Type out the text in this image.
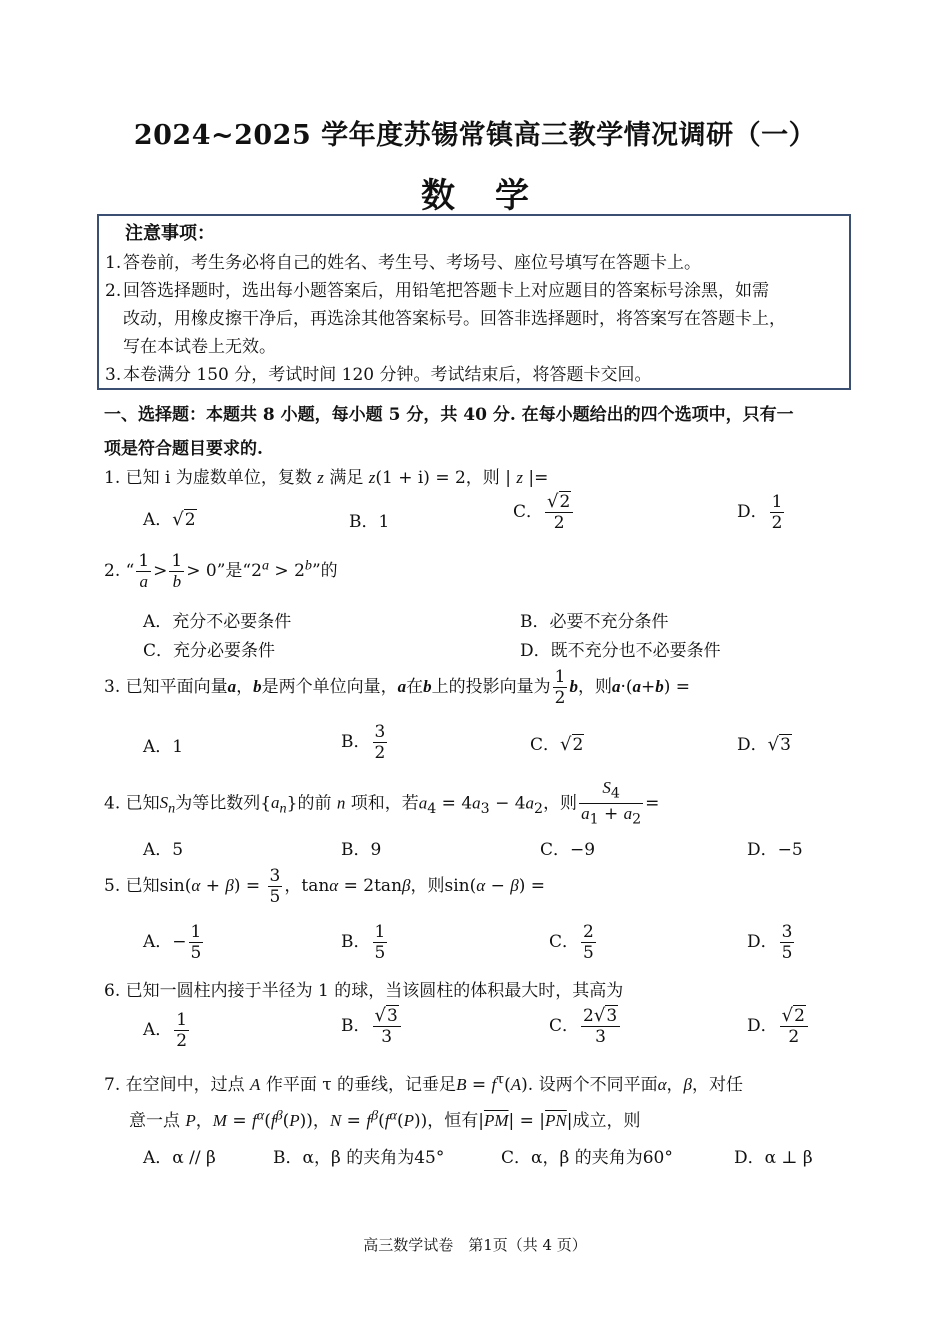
2024~2025 学年度苏锡常镇高三教学情况调研（一）
数学
注意事项：
1. 答卷前，考生务必将自己的姓名、考生号、考场号、座位号填写在答题卡上。
2. 回答选择题时，选出每小题答案后，用铅笔把答题卡上对应题目的答案标号涂黑，如需
改动，用橡皮擦干净后，再选涂其他答案标号。回答非选择题时，将答案写在答题卡上，
写在本试卷上无效。
3. 本卷满分 150 分，考试时间 120 分钟。考试结束后，将答题卡交回。
一、选择题：本题共 8 小题，每小题 5 分，共 40 分. 在每小题给出的四个选项中，只有一
项是符合题目要求的.
1. 已知 i 为虚数单位，复数 z 满足 z(1 + i) = 2，则 | z |=
A．√2	B．1	C． $\frac{√2}{2}$	D． $\frac{1}{2}$
2. “ $\frac{1}{a} > \frac{1}{b} > 0$”是“$2^a > 2^b$”的
A．充分不必要条件	B．必要不充分条件
C．充分必要条件	D．既不充分也不必要条件
3. 已知平面向量a，b是两个单位向量，a在b上的投影向量为 $\frac{1}{2}$ b，则a·(a+b) =
A．1	B． $\frac{3}{2}$	C．√2	D．√3
4. 已知$S_n$为等比数列$\{a_n\}$的前 n 项和，若$a_4 = 4a_3 - 4a_2$，则 $\frac{S_4}{a_1 + a_2}$ =
A．5	B．9	C．−9	D．−5
5. 已知$\sin(\alpha + \beta) = \frac{3}{5}$ ，tanα = 2tanβ，则sin(α − β) =
A．− $\frac{1}{5}$	B． $\frac{1}{5}$	C． $\frac{2}{5}$	D． $\frac{3}{5}$
6. 已知一圆柱内接于半径为 1 的球，当该圆柱的体积最大时，其高为
A． $\frac{1}{2}$	B． $\frac{√3}{3}$	C． $\frac{2√3}{3}$	D． $\frac{√2}{2}$
7. 在空间中，过点 A 作平面 τ 的垂线，记垂足$B = f^\tau(A)$. 设两个不同平面α，β，对任
意一点 P，$M = f^\alpha(f^\beta(P))$，$N = f^\beta(f^\alpha(P))$，恒有$|\overline{PM}| = |\overline{PN}|$成立，则
A．α // β	B．α，β 的夹角为45°	C．α，β 的夹角为60°	D．α ⊥ β
高三数学试卷　第1页（共 4 页）
